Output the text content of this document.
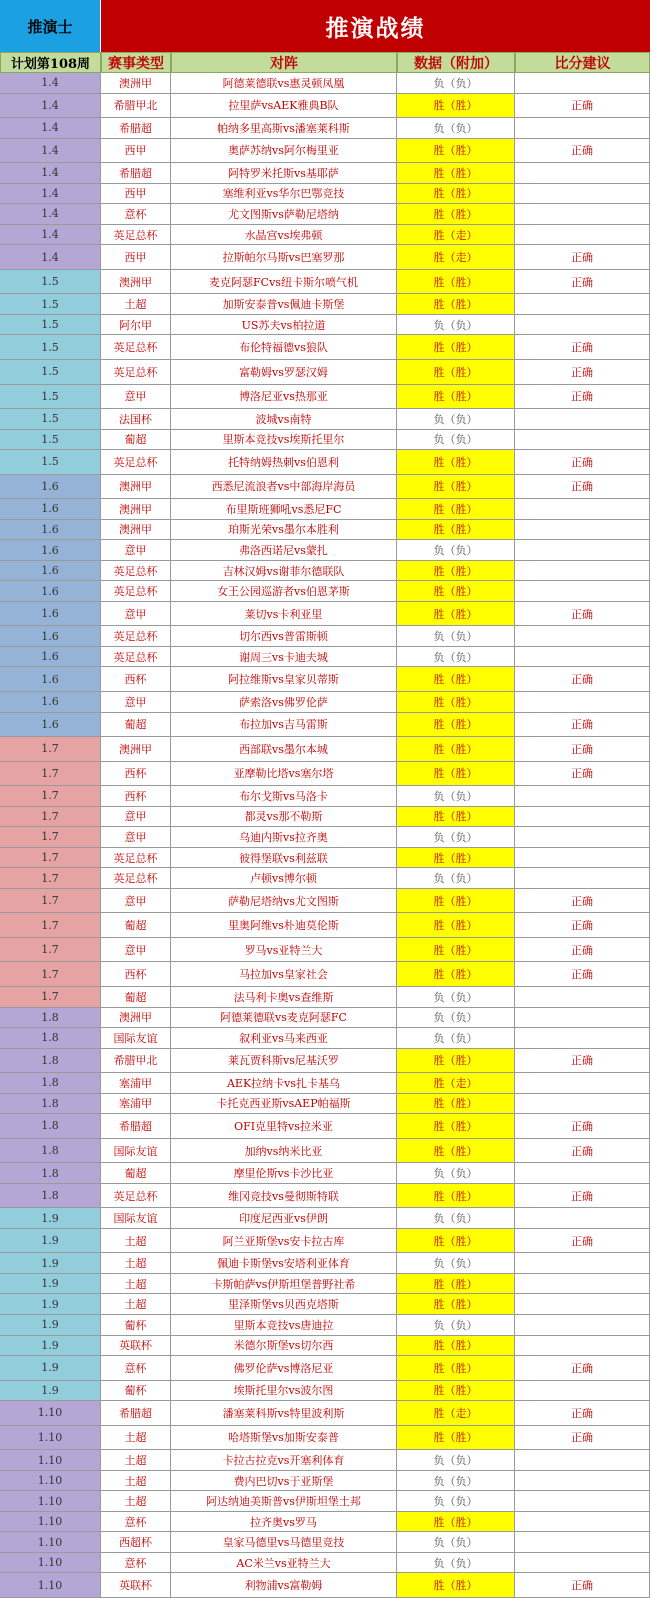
推演士	推演战绩
计划第108周	赛事类型	对阵	数据（附加）	比分建议
1.4	澳洲甲	阿德莱德联vs惠灵顿凤凰	负（负）
1.4	希腊甲北	拉里萨vsAEK雅典B队	胜（胜）	正确
1.4	希腊超	帕纳多里高斯vs潘塞莱科斯	负（负）
1.4	西甲	奥萨苏纳vs阿尔梅里亚	胜（胜）	正确
1.4	希腊超	阿特罗米托斯vs基耶萨	胜（胜）
1.4	西甲	塞维利亚vs华尔巴鄂竞技	胜（胜）
1.4	意杯	尤文图斯vs萨勒尼塔纳	胜（胜）
1.4	英足总杯	水晶宫vs埃弗顿	胜（走）
1.4	西甲	拉斯帕尔马斯vs巴塞罗那	胜（走）	正确
1.5	澳洲甲	麦克阿瑟FCvs纽卡斯尔喷气机	胜（胜）	正确
1.5	土超	加斯安泰普vs佩迪卡斯堡	胜（胜）
1.5	阿尔甲	US苏夫vs柏拉道	负（负）
1.5	英足总杯	布伦特福德vs狼队	胜（胜）	正确
1.5	英足总杯	富勒姆vs罗瑟汉姆	胜（胜）	正确
1.5	意甲	博洛尼亚vs热那亚	胜（胜）	正确
1.5	法国杯	波城vs南特	负（负）
1.5	葡超	里斯本竞技vs埃斯托里尔	负（负）
1.5	英足总杯	托特纳姆热刺vs伯恩利	胜（胜）	正确
1.6	澳洲甲	西悉尼流浪者vs中部海岸海员	胜（胜）	正确
1.6	澳洲甲	布里斯班狮吼vs悉尼FC	胜（胜）
1.6	澳洲甲	珀斯光荣vs墨尔本胜利	胜（胜）
1.6	意甲	弗洛西诺尼vs蒙扎	负（负）
1.6	英足总杯	吉林汉姆vs谢菲尔德联队	胜（胜）
1.6	英足总杯	女王公园巡游者vs伯恩茅斯	胜（胜）
1.6	意甲	莱切vs卡利亚里	胜（胜）	正确
1.6	英足总杯	切尔西vs普雷斯顿	负（负）
1.6	英足总杯	谢周三vs卡迪夫城	负（负）
1.6	西杯	阿拉维斯vs皇家贝蒂斯	胜（胜）	正确
1.6	意甲	萨索洛vs佛罗伦萨	胜（胜）
1.6	葡超	布拉加vs吉马雷斯	胜（胜）	正确
1.7	澳洲甲	西部联vs墨尔本城	胜（胜）	正确
1.7	西杯	亚摩勒比塔vs塞尔塔	胜（胜）	正确
1.7	西杯	布尔戈斯vs马洛卡	负（负）
1.7	意甲	都灵vs那不勒斯	胜（胜）
1.7	意甲	乌迪内斯vs拉齐奥	负（负）
1.7	英足总杯	彼得堡联vs利兹联	胜（胜）
1.7	英足总杯	卢顿vs博尔顿	负（负）
1.7	意甲	萨勒尼塔纳vs尤文图斯	胜（胜）	正确
1.7	葡超	里奥阿维vs朴迪莫伦斯	胜（胜）	正确
1.7	意甲	罗马vs亚特兰大	胜（胜）	正确
1.7	西杯	马拉加vs皇家社会	胜（胜）	正确
1.7	葡超	法马利卡奥vs查维斯	负（负）
1.8	澳洲甲	阿德莱德联vs麦克阿瑟FC	负（负）
1.8	国际友谊	叙利亚vs马来西亚	负（负）
1.8	希腊甲北	莱瓦贾科斯vs尼基沃罗	胜（胜）	正确
1.8	塞浦甲	AEK拉纳卡vs扎卡基乌	胜（走）
1.8	塞浦甲	卡托克西亚斯vsAEP帕福斯	胜（胜）
1.8	希腊超	OFI克里特vs拉米亚	胜（胜）	正确
1.8	国际友谊	加纳vs纳米比亚	胜（胜）	正确
1.8	葡超	摩里伦斯vs卡沙比亚	负（负）
1.8	英足总杯	维冈竞技vs曼彻斯特联	胜（胜）	正确
1.9	国际友谊	印度尼西亚vs伊朗	负（负）
1.9	土超	阿兰亚斯堡vs安卡拉古库	胜（胜）	正确
1.9	土超	佩迪卡斯堡vs安塔利亚体育	负（负）
1.9	土超	卡斯帕萨vs伊斯坦堡普野社希	胜（胜）
1.9	土超	里泽斯堡vs贝西克塔斯	胜（胜）
1.9	葡杯	里斯本竞技vs唐迪拉	负（负）
1.9	英联杯	米德尔斯堡vs切尔西	胜（胜）
1.9	意杯	佛罗伦萨vs博洛尼亚	胜（胜）	正确
1.9	葡杯	埃斯托里尔vs波尔图	胜（胜）
1.10	希腊超	潘塞莱科斯vs特里波利斯	胜（走）	正确
1.10	土超	哈塔斯堡vs加斯安泰普	胜（胜）	正确
1.10	土超	卡拉古拉克vs开塞利体育	负（负）
1.10	土超	费内巴切vs于亚斯堡	负（负）
1.10	土超	阿达纳迪美斯普vs伊斯坦堡土邦	负（负）
1.10	意杯	拉齐奥vs罗马	胜（胜）
1.10	西超杯	皇家马德里vs马德里竞技	负（负）
1.10	意杯	AC米兰vs亚特兰大	负（负）
1.10	英联杯	利物浦vs富勒姆	胜（胜）	正确
